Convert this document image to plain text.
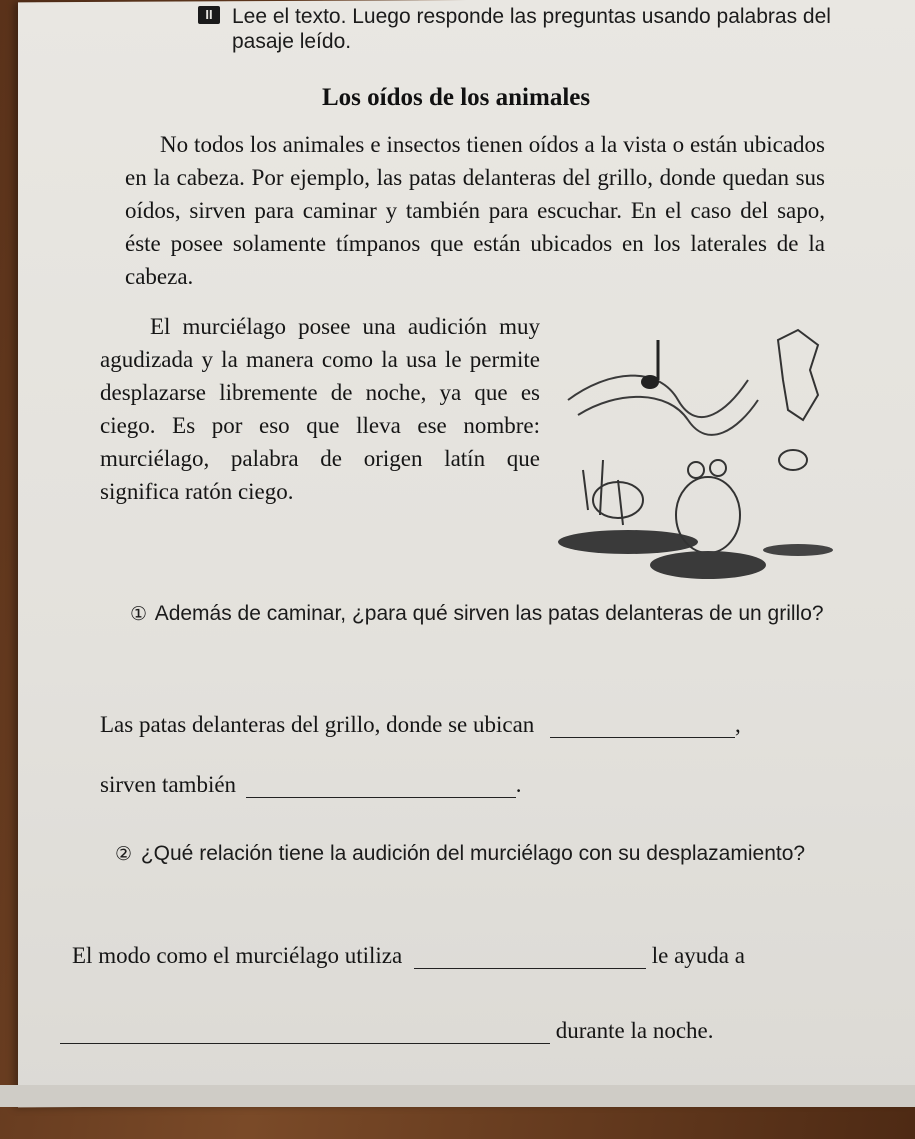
II Lee el texto. Luego responde las preguntas usando palabras del pasaje leído.
Los oídos de los animales
No todos los animales e insectos tienen oídos a la vista o están ubicados en la cabeza. Por ejemplo, las patas delanteras del grillo, donde quedan sus oídos, sirven para caminar y también para escuchar. En el caso del sapo, éste posee solamente tímpanos que están ubicados en los laterales de la cabeza.
El murciélago posee una audición muy agudizada y la manera como la usa le permite desplazarse libremente de noche, ya que es ciego. Es por eso que lleva ese nombre: murciélago, palabra de origen latín que significa ratón ciego.
① Además de caminar, ¿para qué sirven las patas delanteras de un grillo?
Las patas delanteras del grillo, donde se ubican	,
sirven también	.
② ¿Qué relación tiene la audición del murciélago con su desplazamiento?
El modo como el murciélago utiliza	le ayuda a
durante la noche.
